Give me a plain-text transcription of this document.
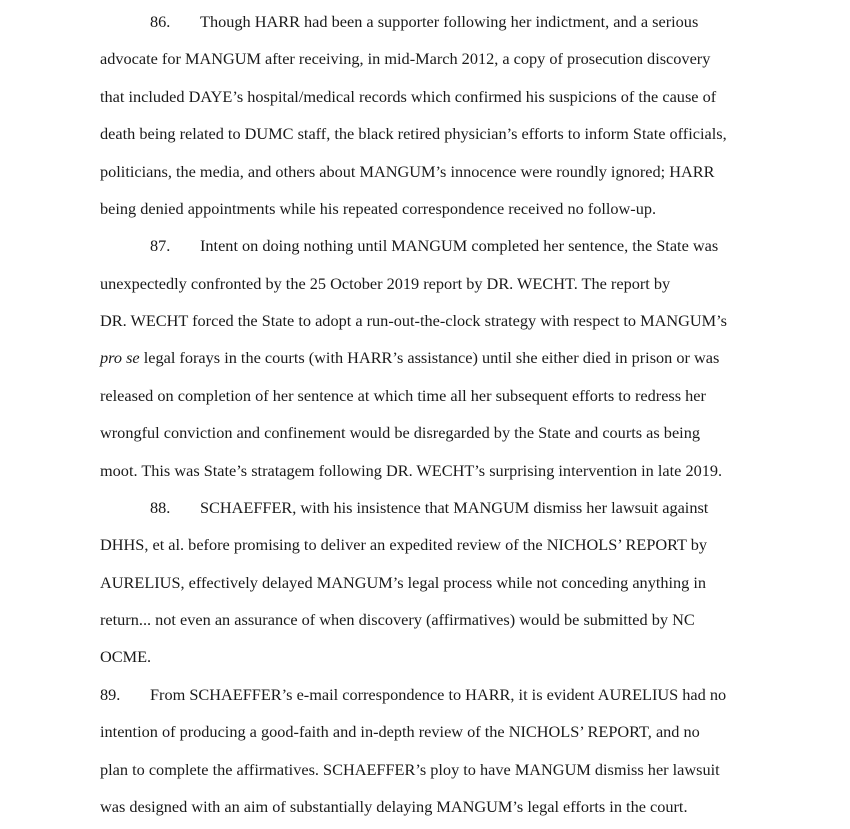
86. Though HARR had been a supporter following her indictment, and a serious
advocate for MANGUM after receiving, in mid-March 2012, a copy of prosecution discovery
that included DAYE’s hospital/medical records which confirmed his suspicions of the cause of
death being related to DUMC staff, the black retired physician’s efforts to inform State officials,
politicians, the media, and others about MANGUM’s innocence were roundly ignored; HARR
being denied appointments while his repeated correspondence received no follow-up.
87. Intent on doing nothing until MANGUM completed her sentence, the State was
unexpectedly confronted by the 25 October 2019 report by DR. WECHT. The report by
DR. WECHT forced the State to adopt a run-out-the-clock strategy with respect to MANGUM’s
pro se legal forays in the courts (with HARR’s assistance) until she either died in prison or was
released on completion of her sentence at which time all her subsequent efforts to redress her
wrongful conviction and confinement would be disregarded by the State and courts as being
moot. This was State’s stratagem following DR. WECHT’s surprising intervention in late 2019.
88. SCHAEFFER, with his insistence that MANGUM dismiss her lawsuit against
DHHS, et al. before promising to deliver an expedited review of the NICHOLS’ REPORT by
AURELIUS, effectively delayed MANGUM’s legal process while not conceding anything in
return... not even an assurance of when discovery (affirmatives) would be submitted by NC
OCME.
89. From SCHAEFFER’s e-mail correspondence to HARR, it is evident AURELIUS had no
intention of producing a good-faith and in-depth review of the NICHOLS’ REPORT, and no
plan to complete the affirmatives. SCHAEFFER’s ploy to have MANGUM dismiss her lawsuit
was designed with an aim of substantially delaying MANGUM’s legal efforts in the court.
